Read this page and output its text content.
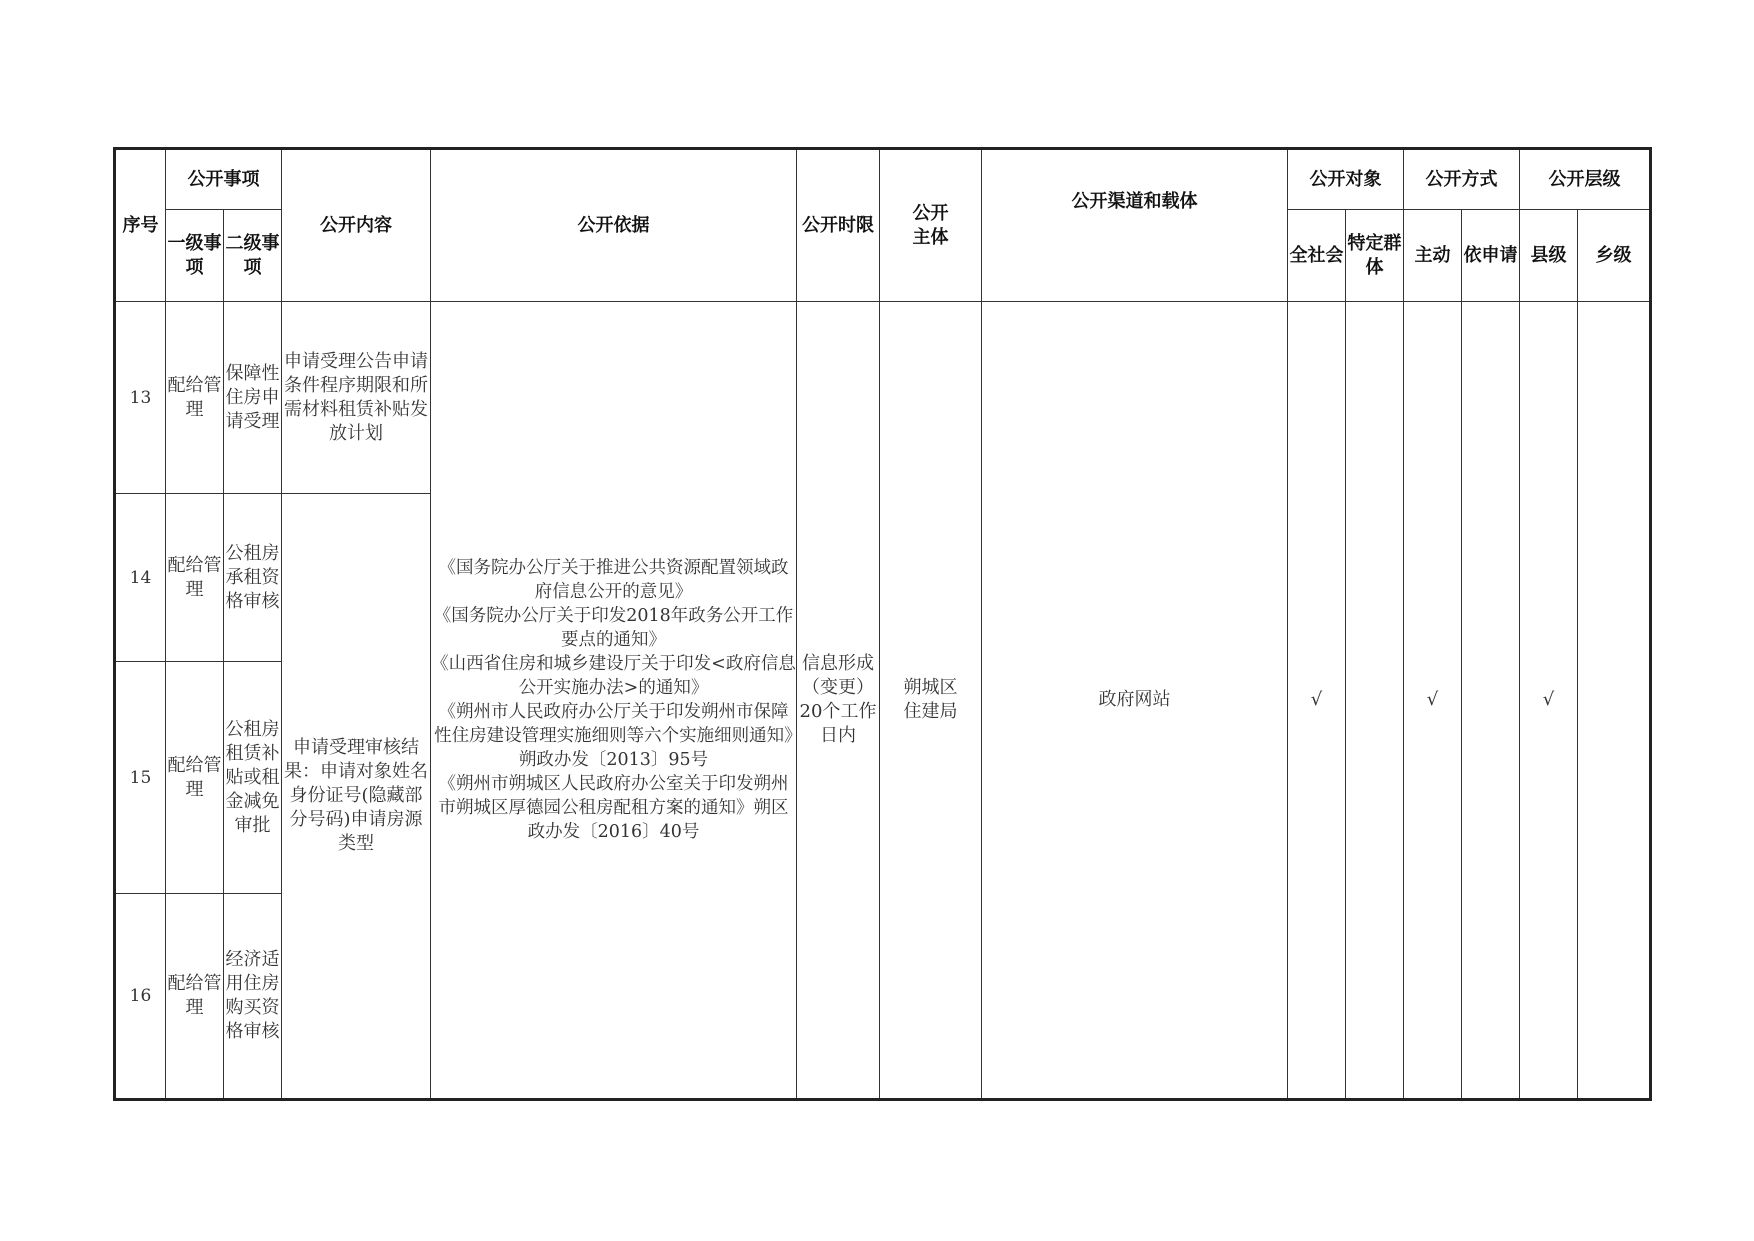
序号	公开事项		公开内容	公开依据	公开时限	公开主体	公开渠道和载体	公开对象		公开方式		公开层级	
	一级事项	二级事项						全社会	特定群体	主动	依申请	县级	乡级
13	配给管理	保障性住房申请受理	申请受理公告申请条件程序期限和所需材料租赁补贴发放计划	《国务院办公厅关于推进公共资源配置领域政府信息公开的意见》
《国务院办公厅关于印发2018年政务公开工作要点的通知》
《山西省住房和城乡建设厅关于印发<政府信息公开实施办法>的通知》
《朔州市人民政府办公厅关于印发朔州市保障性住房建设管理实施细则等六个实施细则通知》朔政办发〔2013〕95号
《朔州市朔城区人民政府办公室关于印发朔州市朔城区厚德园公租房配租方案的通知》朔区政办发〔2016〕40号	信息形成（变更）20个工作日内	朔城区住建局	政府网站	√		√		√	
14	配给管理	公租房承租资格审核	申请受理审核结果：申请对象姓名身份证号(隐藏部分号码)申请房源类型										
15	配给管理	公租房租赁补贴或租金减免审批											
16	配给管理	经济适用住房购买资格审核											
